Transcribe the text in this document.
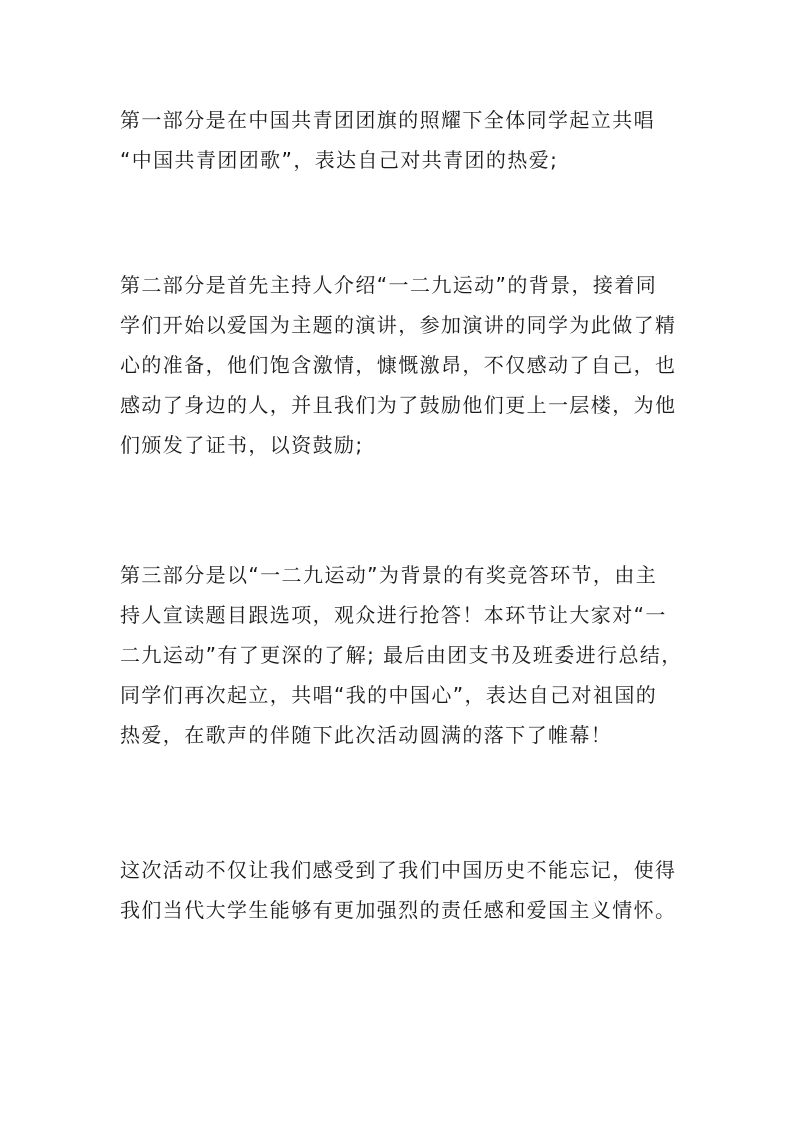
第一部分是在中国共青团团旗的照耀下全体同学起立共唱
“中国共青团团歌”，表达自己对共青团的热爱;

第二部分是首先主持人介绍“一二九运动”的背景，接着同
学们开始以爱国为主题的演讲，参加演讲的同学为此做了精
心的准备，他们饱含激情，慷慨激昂，不仅感动了自己，也
感动了身边的人，并且我们为了鼓励他们更上一层楼，为他
们颁发了证书，以资鼓励;

第三部分是以“一二九运动”为背景的有奖竞答环节，由主
持人宣读题目跟选项，观众进行抢答！本环节让大家对“一
二九运动”有了更深的了解; 最后由团支书及班委进行总结，
同学们再次起立，共唱“我的中国心”，表达自己对祖国的
热爱，在歌声的伴随下此次活动圆满的落下了帷幕！

这次活动不仅让我们感受到了我们中国历史不能忘记，使得
我们当代大学生能够有更加强烈的责任感和爱国主义情怀。
